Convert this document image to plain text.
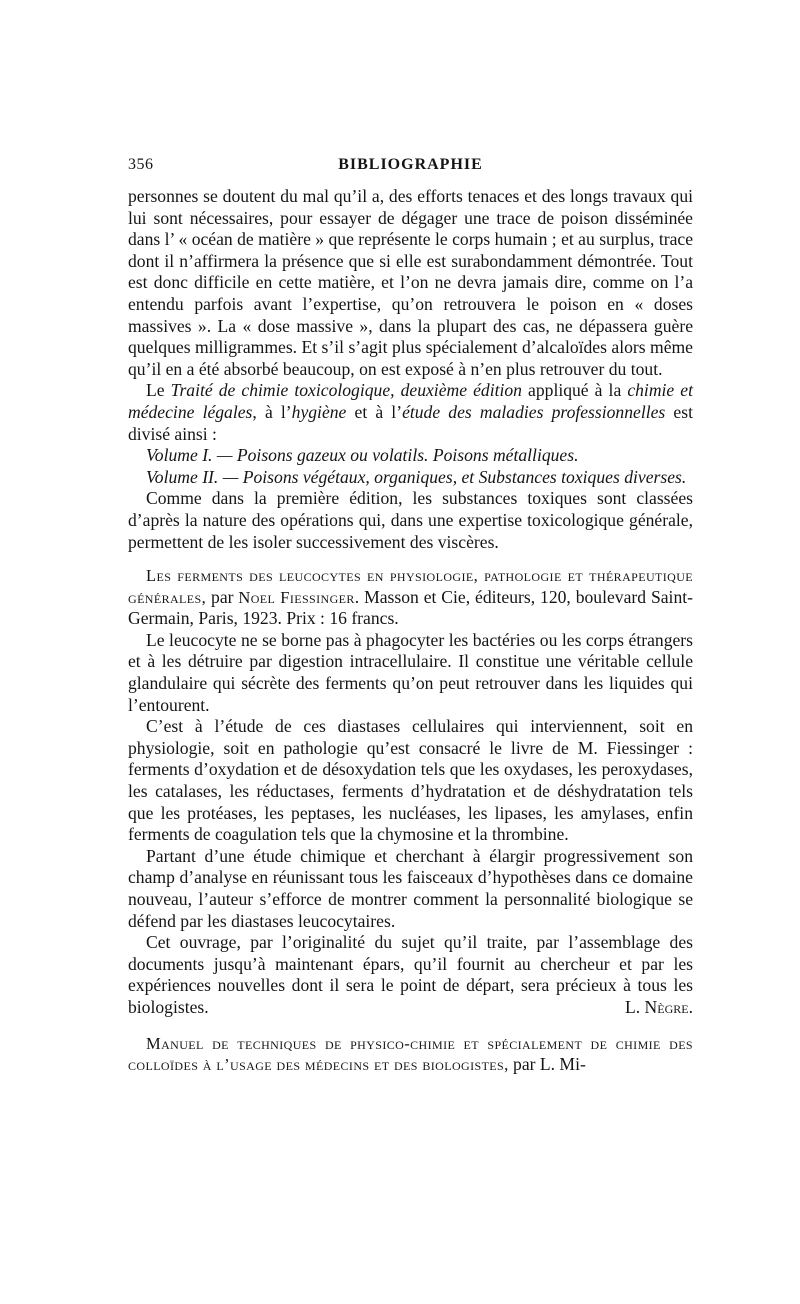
356	BIBLIOGRAPHIE

personnes se doutent du mal qu’il a, des efforts tenaces et des longs travaux qui lui sont nécessaires, pour essayer de dégager une trace de poison disséminée dans l’ « océan de matière » que représente le corps humain ; et au surplus, trace dont il n’affirmera la présence que si elle est surabondamment démontrée. Tout est donc difficile en cette matière, et l’on ne devra jamais dire, comme on l’a entendu parfois avant l’expertise, qu’on retrouvera le poison en « doses massives ». La « dose massive », dans la plupart des cas, ne dépassera guère quelques milligrammes. Et s’il s’agit plus spécialement d’alcaloïdes alors même qu’il en a été absorbé beaucoup, on est exposé à n’en plus retrouver du tout.

Le Traité de chimie toxicologique, deuxième édition appliqué à la chimie et médecine légales, à l’hygiène et à l’étude des maladies professionnelles est divisé ainsi :

Volume I. — Poisons gazeux ou volatils. Poisons métalliques.

Volume II. — Poisons végétaux, organiques, et Substances toxiques diverses.

Comme dans la première édition, les substances toxiques sont classées d’après la nature des opérations qui, dans une expertise toxicologique générale, permettent de les isoler successivement des viscères.

Les ferments des leucocytes en physiologie, pathologie et thérapeutique générales, par Noel Fiessinger. Masson et Cie, éditeurs, 120, boulevard Saint-Germain, Paris, 1923. Prix : 16 francs.

Le leucocyte ne se borne pas à phagocyter les bactéries ou les corps étrangers et à les détruire par digestion intracellulaire. Il constitue une véritable cellule glandulaire qui sécrète des ferments qu’on peut retrouver dans les liquides qui l’entourent.

C’est à l’étude de ces diastases cellulaires qui interviennent, soit en physiologie, soit en pathologie qu’est consacré le livre de M. Fiessinger : ferments d’oxydation et de désoxydation tels que les oxydases, les peroxydases, les catalases, les réductases, ferments d’hydratation et de déshydratation tels que les protéases, les peptases, les nucléases, les lipases, les amylases, enfin ferments de coagulation tels que la chymosine et la thrombine.

Partant d’une étude chimique et cherchant à élargir progressivement son champ d’analyse en réunissant tous les faisceaux d’hypothèses dans ce domaine nouveau, l’auteur s’efforce de montrer comment la personnalité biologique se défend par les diastases leucocytaires.

Cet ouvrage, par l’originalité du sujet qu’il traite, par l’assemblage des documents jusqu’à maintenant épars, qu’il fournit au chercheur et par les expériences nouvelles dont il sera le point de départ, sera précieux à tous les biologistes.	L. Nègre.

Manuel de techniques de physico-chimie et spécialement de chimie des colloïdes à l’usage des médecins et des biologistes, par L. Mi-
